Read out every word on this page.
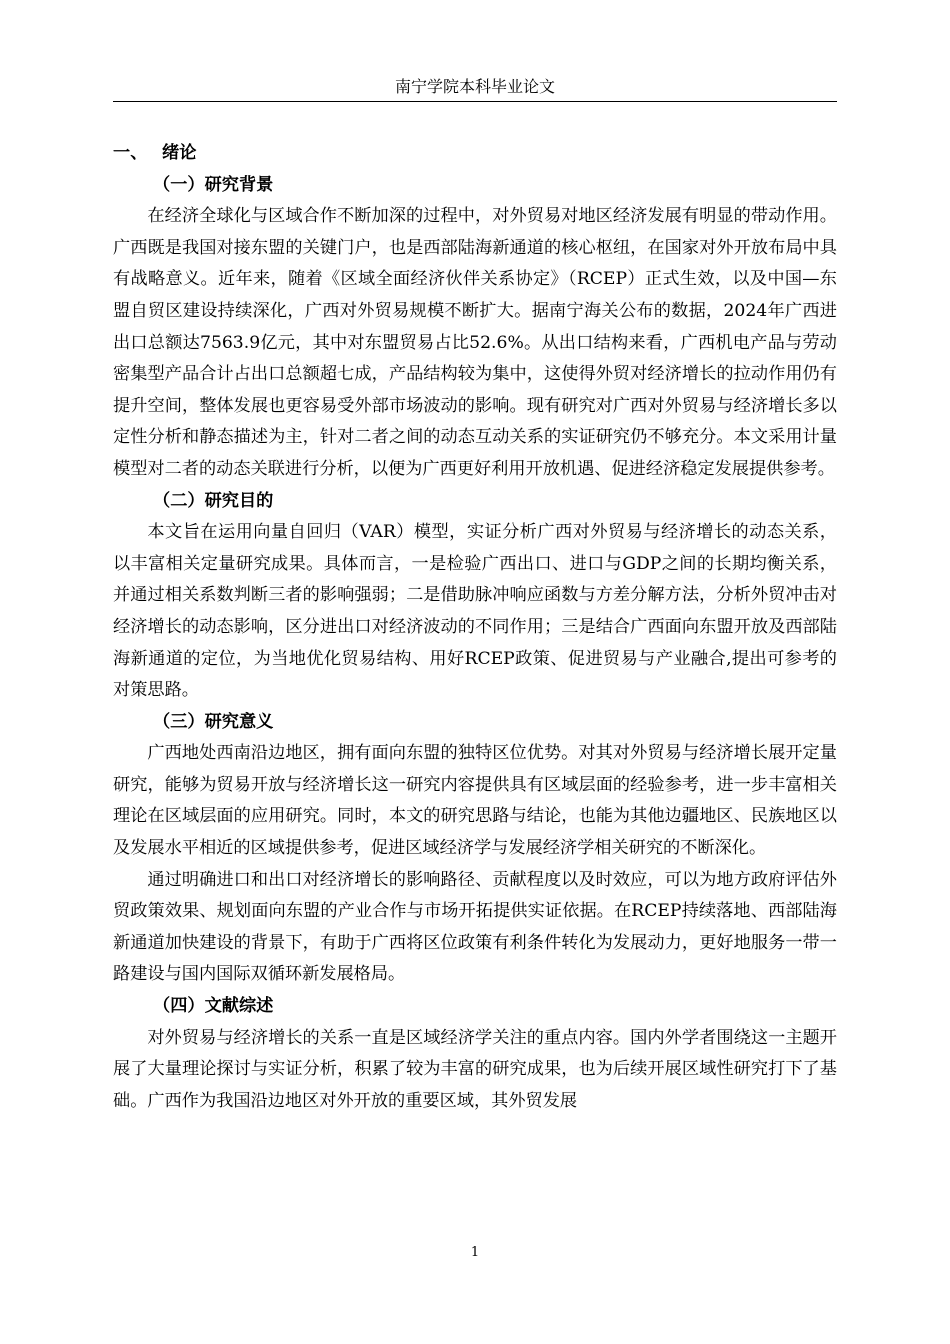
南宁学院本科毕业论文
一、 绪论
（一）研究背景

在经济全球化与区域合作不断加深的过程中，对外贸易对地区经济发展有明显的带动作用。广西既是我国对接东盟的关键门户，也是西部陆海新通道的核心枢纽，在国家对外开放布局中具有战略意义。近年来，随着《区域全面经济伙伴关系协定》（RCEP）正式生效，以及中国—东盟自贸区建设持续深化，广西对外贸易规模不断扩大。据南宁海关公布的数据，2024年广西进出口总额达7563.9亿元，其中对东盟贸易占比52.6%。从出口结构来看，广西机电产品与劳动密集型产品合计占出口总额超七成，产品结构较为集中，这使得外贸对经济增长的拉动作用仍有提升空间，整体发展也更容易受外部市场波动的影响。现有研究对广西对外贸易与经济增长多以定性分析和静态描述为主，针对二者之间的动态互动关系的实证研究仍不够充分。本文采用计量模型对二者的动态关联进行分析，以便为广西更好利用开放机遇、促进经济稳定发展提供参考。

（二）研究目的

本文旨在运用向量自回归（VAR）模型，实证分析广西对外贸易与经济增长的动态关系，以丰富相关定量研究成果。具体而言，一是检验广西出口、进口与GDP之间的长期均衡关系，并通过相关系数判断三者的影响强弱；二是借助脉冲响应函数与方差分解方法，分析外贸冲击对经济增长的动态影响，区分进出口对经济波动的不同作用；三是结合广西面向东盟开放及西部陆海新通道的定位，为当地优化贸易结构、用好RCEP政策、促进贸易与产业融合,提出可参考的对策思路。

（三）研究意义

广西地处西南沿边地区，拥有面向东盟的独特区位优势。对其对外贸易与经济增长展开定量研究，能够为贸易开放与经济增长这一研究内容提供具有区域层面的经验参考，进一步丰富相关理论在区域层面的应用研究。同时，本文的研究思路与结论，也能为其他边疆地区、民族地区以及发展水平相近的区域提供参考，促进区域经济学与发展经济学相关研究的不断深化。

通过明确进口和出口对经济增长的影响路径、贡献程度以及时效应，可以为地方政府评估外贸政策效果、规划面向东盟的产业合作与市场开拓提供实证依据。在RCEP持续落地、西部陆海新通道加快建设的背景下，有助于广西将区位政策有利条件转化为发展动力，更好地服务一带一路建设与国内国际双循环新发展格局。

（四）文献综述

对外贸易与经济增长的关系一直是区域经济学关注的重点内容。国内外学者围绕这一主题开展了大量理论探讨与实证分析，积累了较为丰富的研究成果，也为后续开展区域性研究打下了基础。广西作为我国沿边地区对外开放的重要区域，其外贸发展

1
